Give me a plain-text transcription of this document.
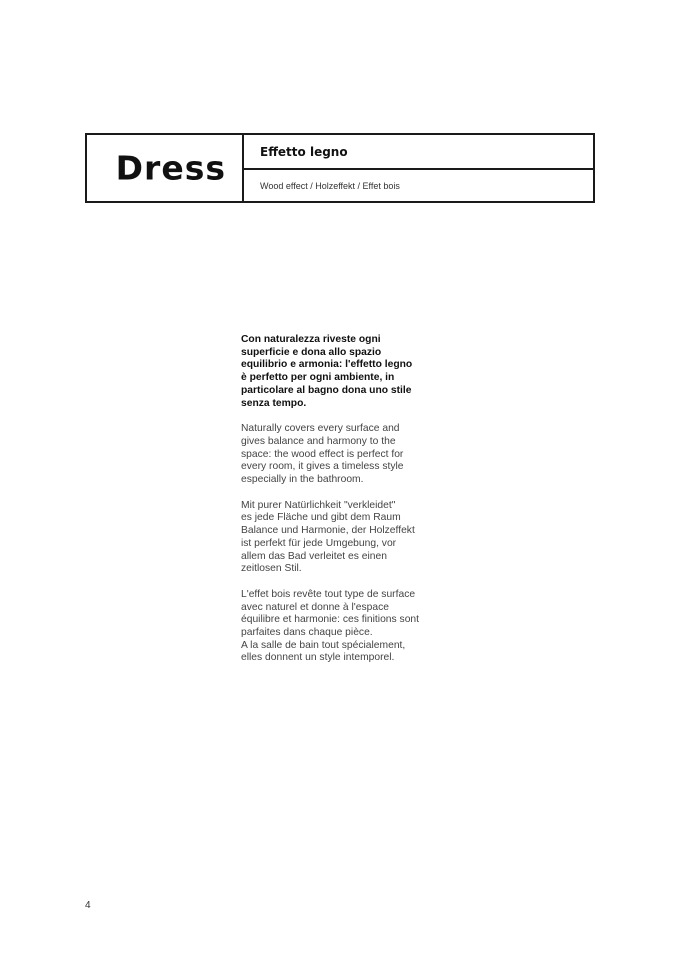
Dress	Effetto legno
Wood effect / Holzeffekt / Effet bois

Con naturalezza riveste ogni
superficie e dona allo spazio
equilibrio e armonia: l'effetto legno
è perfetto per ogni ambiente, in
particolare al bagno dona uno stile
senza tempo.

Naturally covers every surface and
gives balance and harmony to the
space: the wood effect is perfect for
every room, it gives a timeless style
especially in the bathroom.

Mit purer Natürlichkeit "verkleidet"
es jede Fläche und gibt dem Raum
Balance und Harmonie, der Holzeffekt
ist perfekt für jede Umgebung, vor
allem das Bad verleitet es einen
zeitlosen Stil.

L'effet bois revête tout type de surface
avec naturel et donne à l'espace
équilibre et harmonie: ces finitions sont
parfaites dans chaque pièce.
A la salle de bain tout spécialement,
elles donnent un style intemporel.

4
